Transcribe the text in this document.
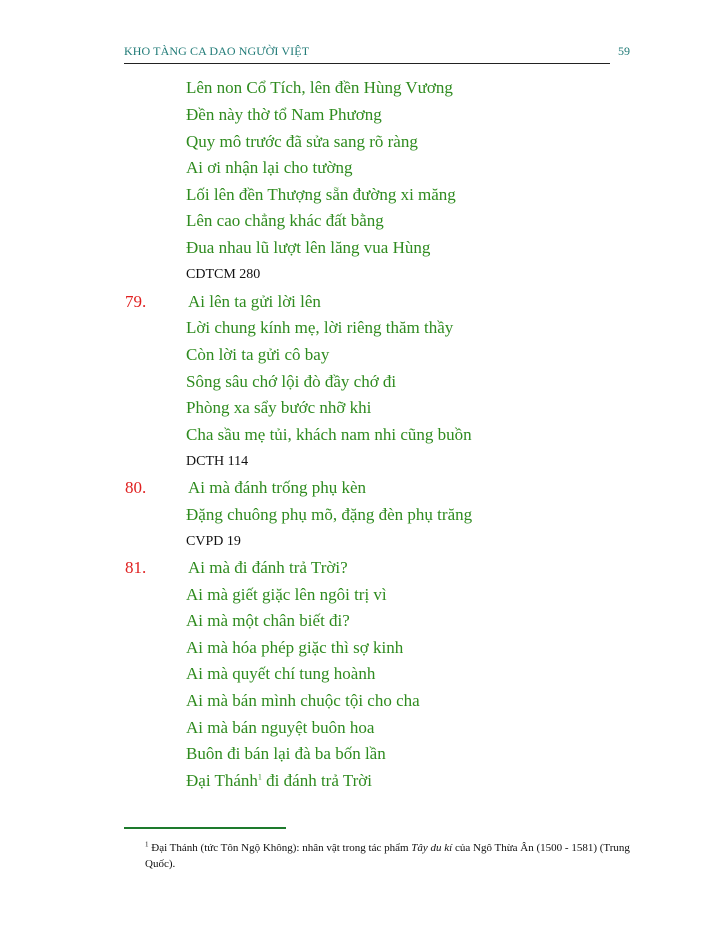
KHO TÀNG CA DAO NGƯỜI VIỆT	59
Lên non Cổ Tích, lên đền Hùng Vương
Đền này thờ tổ Nam Phương
Quy mô trước đã sửa sang rõ ràng
Ai ơi nhận lại cho tường
Lối lên đền Thượng sẵn đường xi măng
Lên cao chẳng khác đất bằng
Đua nhau lũ lượt lên lăng vua Hùng
CDTCM 280
79. Ai lên ta gửi lời lên
Lời chung kính mẹ, lời riêng thăm thầy
Còn lời ta gửi cô bay
Sông sâu chớ lội đò đầy chớ đi
Phòng xa sẩy bước nhỡ khi
Cha sầu mẹ tủi, khách nam nhi cũng buồn
DCTH 114
80. Ai mà đánh trống phụ kèn
Đặng chuông phụ mõ, đặng đèn phụ trăng
CVPD 19
81. Ai mà đi đánh trả Trời?
Ai mà giết giặc lên ngôi trị vì
Ai mà một chân biết đi?
Ai mà hóa phép giặc thì sợ kinh
Ai mà quyết chí tung hoành
Ai mà bán mình chuộc tội cho cha
Ai mà bán nguyệt buôn hoa
Buôn đi bán lại đà ba bốn lần
Đại Thánh$^1$ đi đánh trả Trời
$^1$ Đại Thánh (tức Tôn Ngộ Không): nhân vật trong tác phẩm Tây du kí của Ngô Thừa Ân (1500 - 1581) (Trung Quốc).
